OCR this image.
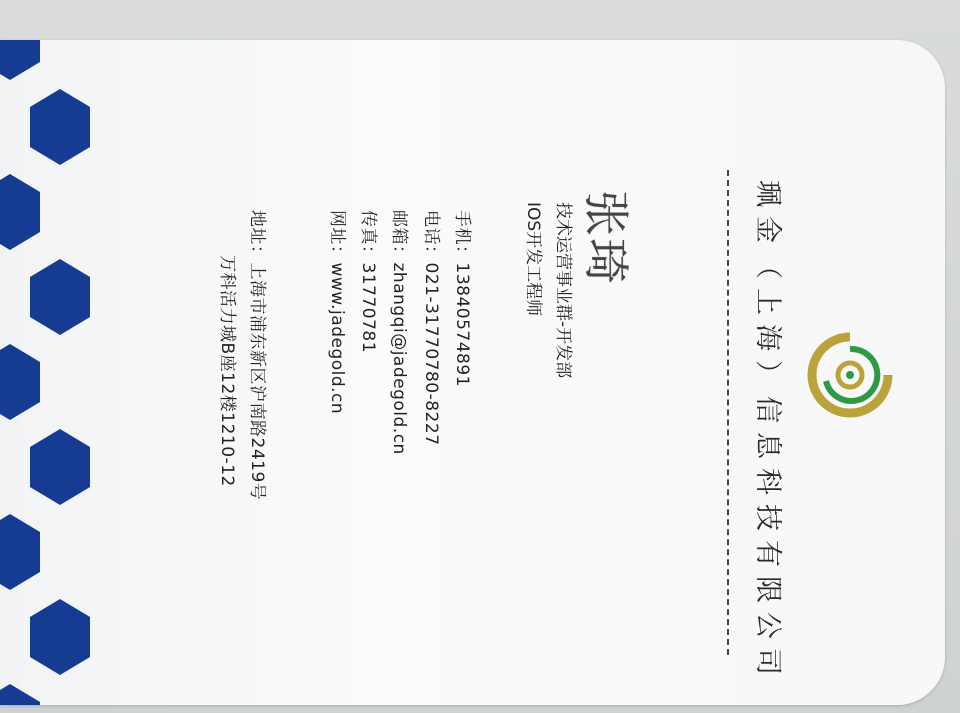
珮金（上海）信息科技有限公司
张琦
技术运营事业群-开发部
IOS开发工程师
手机：13840574891
电话：021-31770780-8227
邮箱：zhangqi@jadegold.cn
传真：31770781
网址：www.jadegold.cn
地址：上海市浦东新区沪南路2419号
万科活力城B座12楼1210-12
